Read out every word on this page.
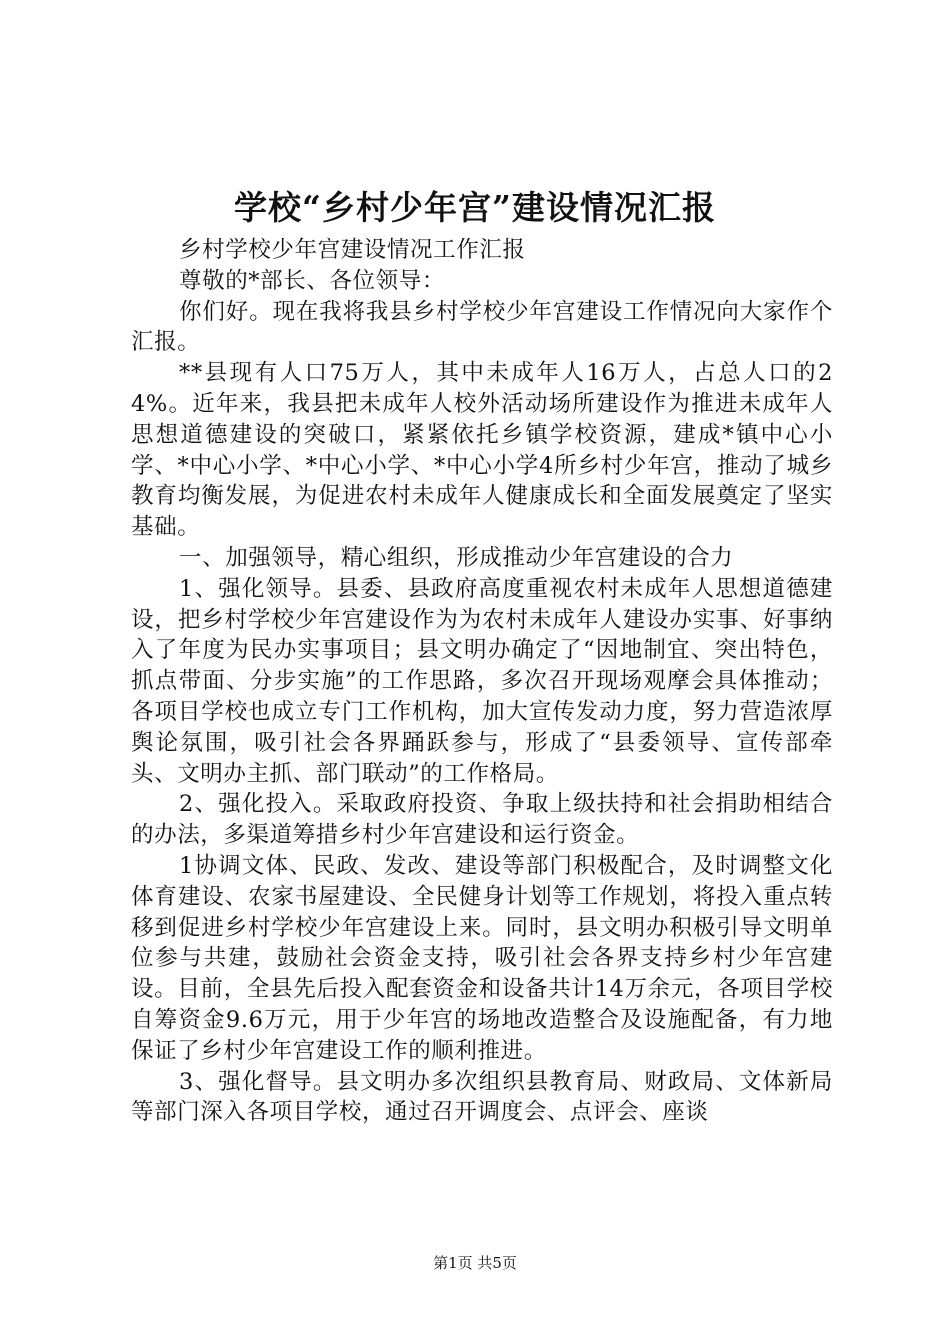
学校“乡村少年宫”建设情况汇报

乡村学校少年宫建设情况工作汇报

尊敬的*部长、各位领导：

你们好。现在我将我县乡村学校少年宫建设工作情况向大家作个汇报。

**县现有人口75万人，其中未成年人16万人，占总人口的24%。近年来，我县把未成年人校外活动场所建设作为推进未成年人思想道德建设的突破口，紧紧依托乡镇学校资源，建成*镇中心小学、*中心小学、*中心小学、*中心小学4所乡村少年宫，推动了城乡教育均衡发展，为促进农村未成年人健康成长和全面发展奠定了坚实基础。

一、加强领导，精心组织，形成推动少年宫建设的合力

1、强化领导。县委、县政府高度重视农村未成年人思想道德建设，把乡村学校少年宫建设作为为农村未成年人建设办实事、好事纳入了年度为民办实事项目；县文明办确定了“因地制宜、突出特色，抓点带面、分步实施”的工作思路，多次召开现场观摩会具体推动；各项目学校也成立专门工作机构，加大宣传发动力度，努力营造浓厚舆论氛围，吸引社会各界踊跃参与，形成了“县委领导、宣传部牵头、文明办主抓、部门联动”的工作格局。

2、强化投入。采取政府投资、争取上级扶持和社会捐助相结合的办法，多渠道筹措乡村少年宫建设和运行资金。

1协调文体、民政、发改、建设等部门积极配合，及时调整文化体育建设、农家书屋建设、全民健身计划等工作规划，将投入重点转移到促进乡村学校少年宫建设上来。同时，县文明办积极引导文明单位参与共建，鼓励社会资金支持，吸引社会各界支持乡村少年宫建设。目前，全县先后投入配套资金和设备共计14万余元，各项目学校自筹资金9.6万元，用于少年宫的场地改造整合及设施配备，有力地保证了乡村少年宫建设工作的顺利推进。

3、强化督导。县文明办多次组织县教育局、财政局、文体新局等部门深入各项目学校，通过召开调度会、点评会、座谈

第1页 共5页
